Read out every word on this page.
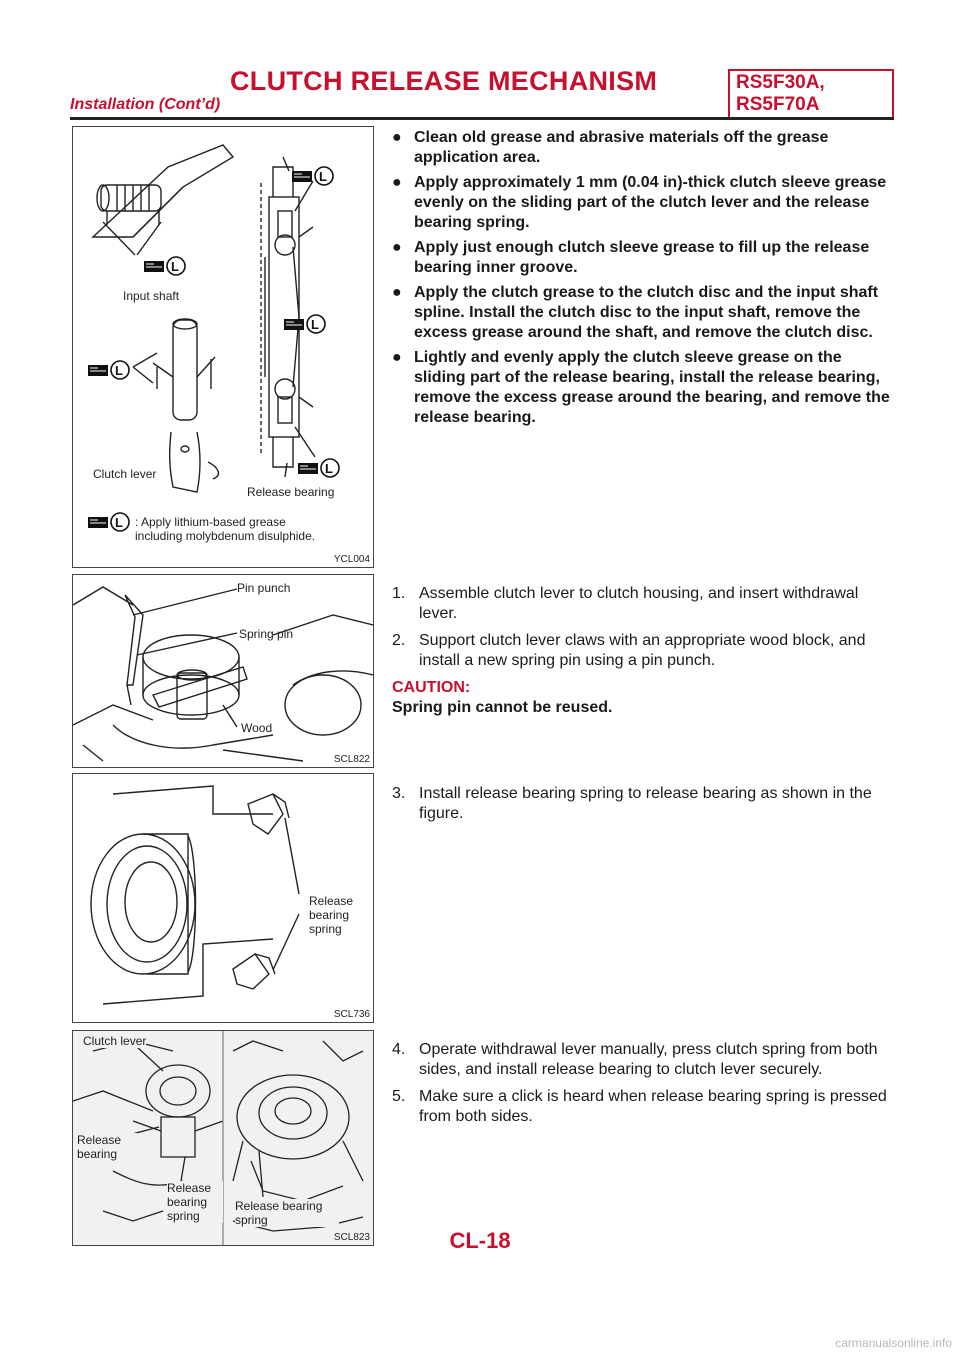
CLUTCH RELEASE MECHANISM	RS5F30A, RS5F70A
Installation (Cont’d)
L
L
L
L
L
L
Input shaft
Clutch lever
Release bearing
: Apply lithium-based grease including molybdenum disulphide.
YCL004
Pin punch
Spring pin
Wood
SCL822
Release bearing spring
SCL736
Clutch lever
Release bearing
Release bearing spring
Release bearing spring
SCL823
● Clean old grease and abrasive materials off the grease application area.
● Apply approximately 1 mm (0.04 in)-thick clutch sleeve grease evenly on the sliding part of the clutch lever and the release bearing spring.
● Apply just enough clutch sleeve grease to fill up the release bearing inner groove.
● Apply the clutch grease to the clutch disc and the input shaft spline. Install the clutch disc to the input shaft, remove the excess grease around the shaft, and remove the clutch disc.
● Lightly and evenly apply the clutch sleeve grease on the sliding part of the release bearing, install the release bearing, remove the excess grease around the bearing, and remove the release bearing.
1. Assemble clutch lever to clutch housing, and insert withdrawal lever.
2. Support clutch lever claws with an appropriate wood block, and install a new spring pin using a pin punch.
CAUTION:
Spring pin cannot be reused.
3. Install release bearing spring to release bearing as shown in the figure.
4. Operate withdrawal lever manually, press clutch spring from both sides, and install release bearing to clutch lever securely.
5. Make sure a click is heard when release bearing spring is pressed from both sides.
CL-18
carmanualsonline.info
